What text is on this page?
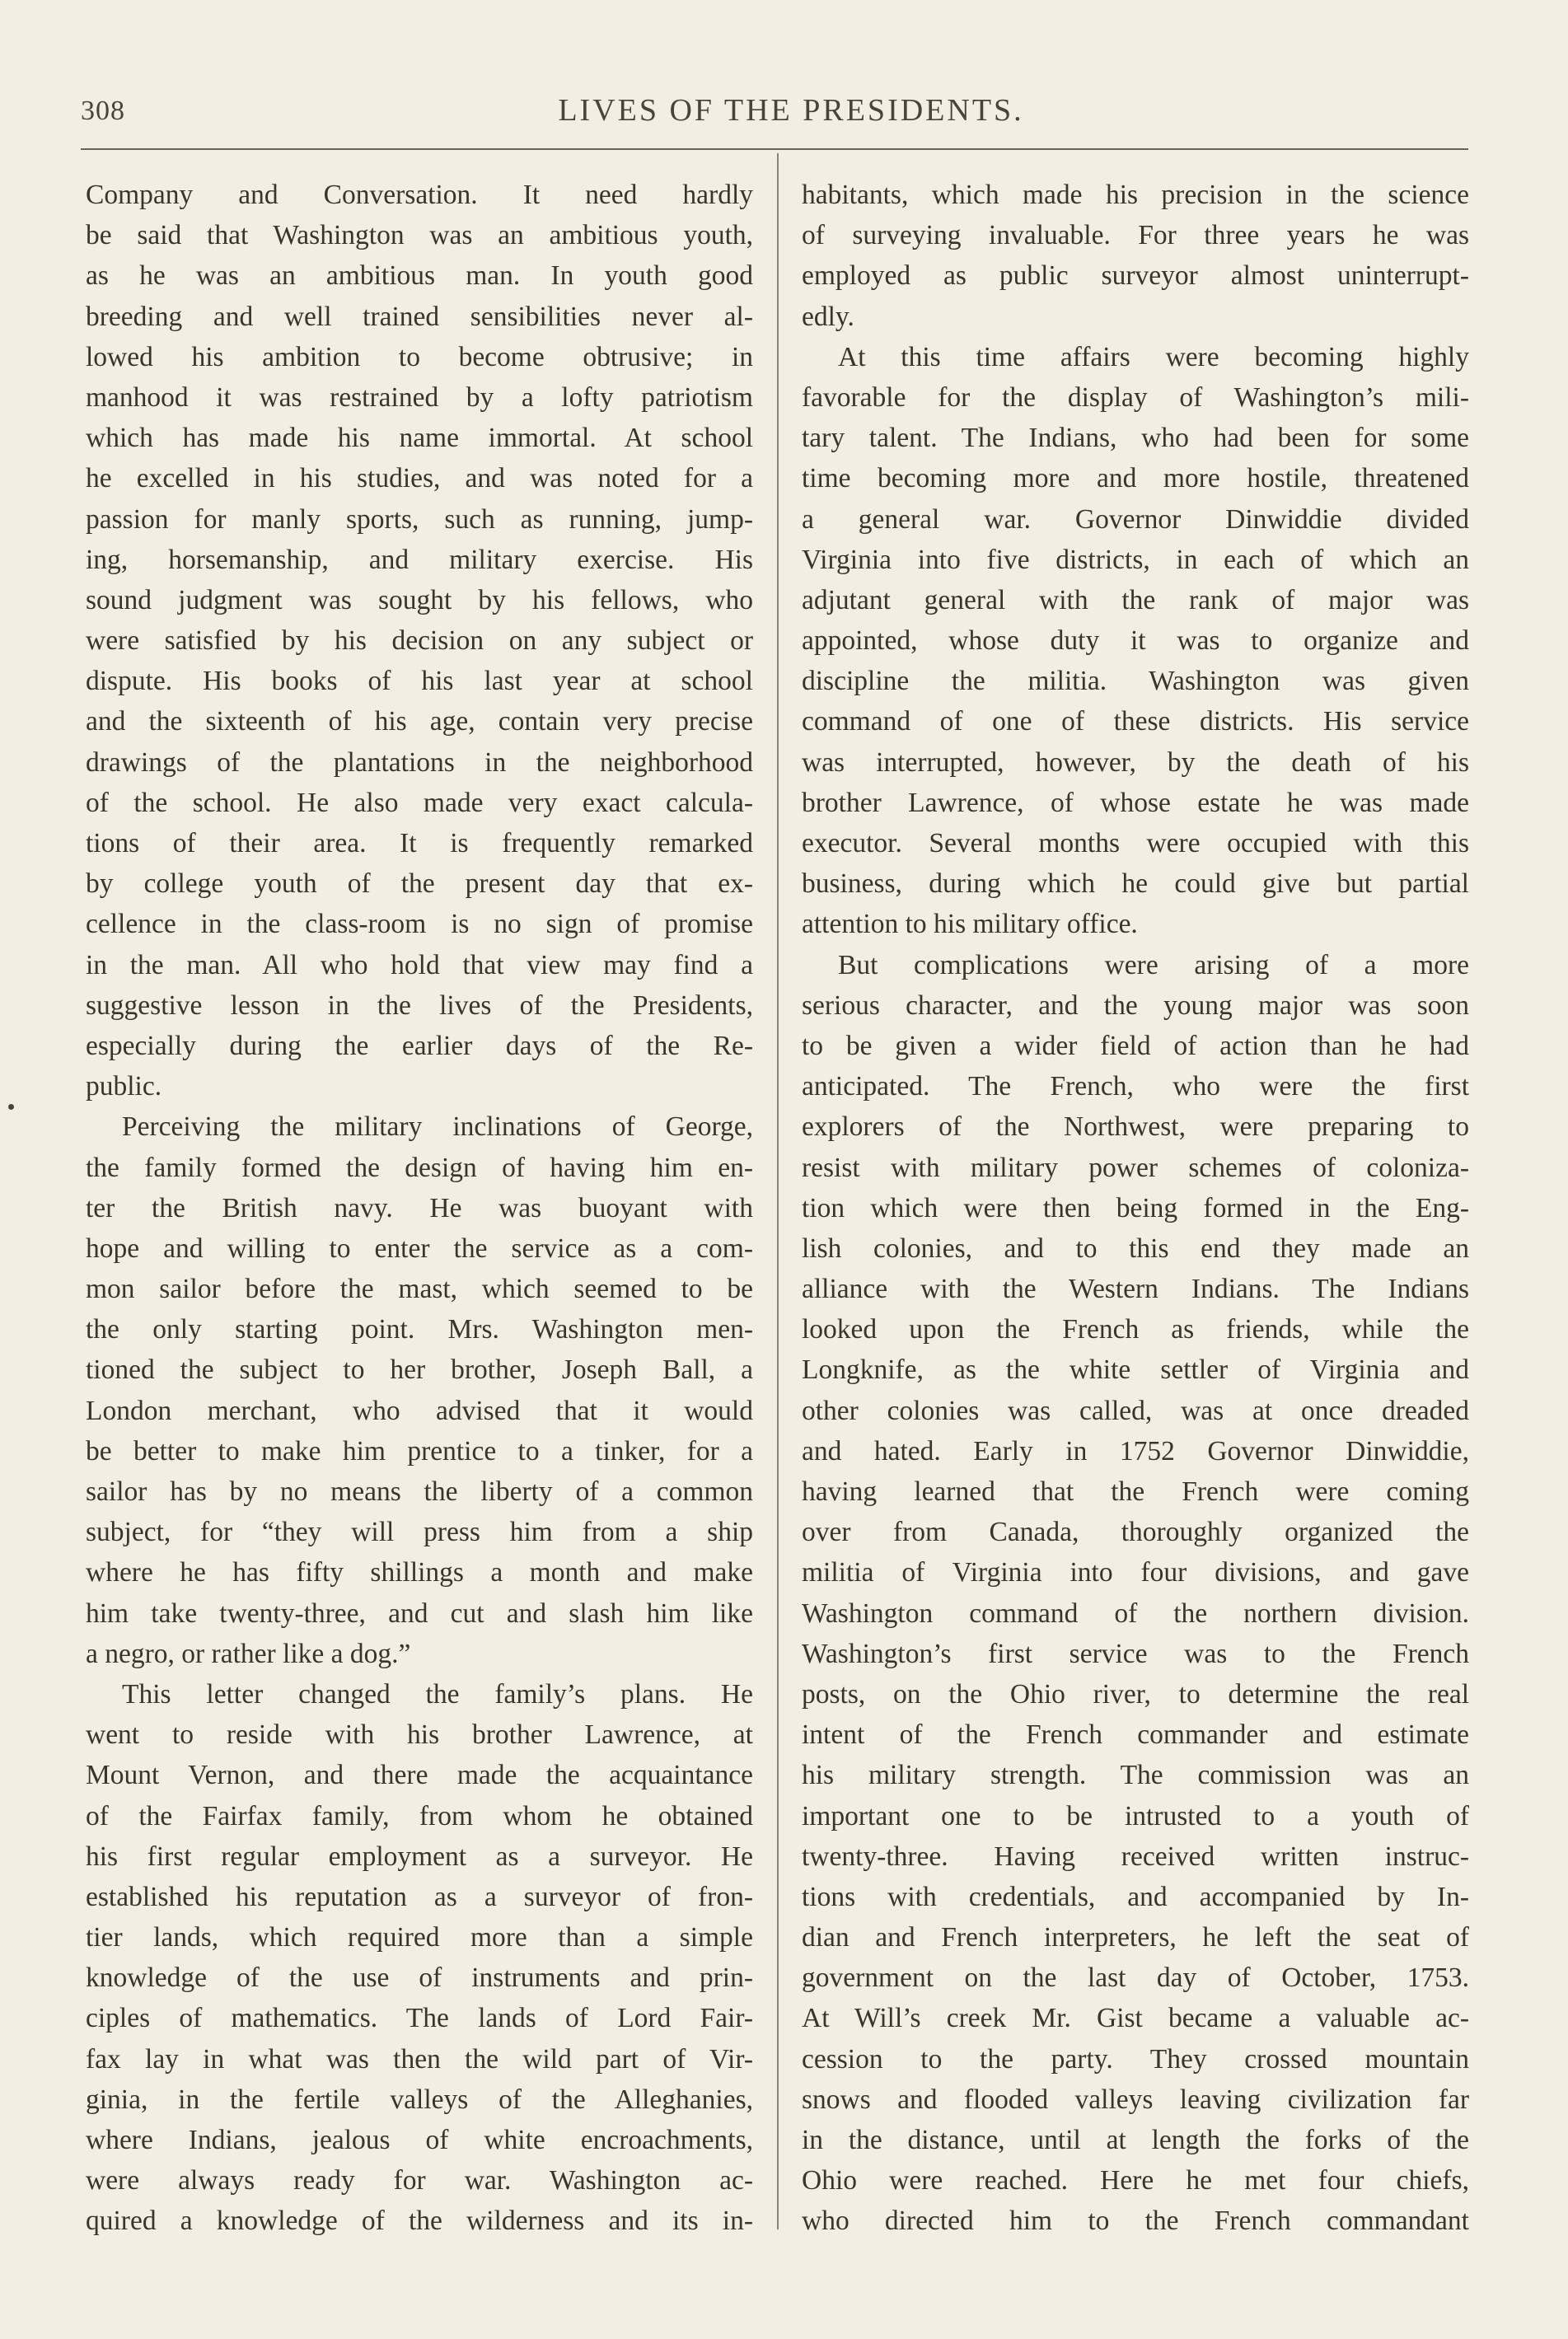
308	LIVES OF THE PRESIDENTS.
Company and Conversation. It need hardly
be said that Washington was an ambitious youth,
as he was an ambitious man. In youth good
breeding and well trained sensibilities never al-
lowed his ambition to become obtrusive; in
manhood it was restrained by a lofty patriotism
which has made his name immortal. At school
he excelled in his studies, and was noted for a
passion for manly sports, such as running, jump-
ing, horsemanship, and military exercise. His
sound judgment was sought by his fellows, who
were satisfied by his decision on any subject or
dispute. His books of his last year at school
and the sixteenth of his age, contain very precise
drawings of the plantations in the neighborhood
of the school. He also made very exact calcula-
tions of their area. It is frequently remarked
by college youth of the present day that ex-
cellence in the class-room is no sign of promise
in the man. All who hold that view may find a
suggestive lesson in the lives of the Presidents,
especially during the earlier days of the Re-
public.
Perceiving the military inclinations of George,
the family formed the design of having him en-
ter the British navy. He was buoyant with
hope and willing to enter the service as a com-
mon sailor before the mast, which seemed to be
the only starting point. Mrs. Washington men-
tioned the subject to her brother, Joseph Ball, a
London merchant, who advised that it would
be better to make him prentice to a tinker, for a
sailor has by no means the liberty of a common
subject, for “they will press him from a ship
where he has fifty shillings a month and make
him take twenty-three, and cut and slash him like
a negro, or rather like a dog.”
This letter changed the family’s plans. He
went to reside with his brother Lawrence, at
Mount Vernon, and there made the acquaintance
of the Fairfax family, from whom he obtained
his first regular employment as a surveyor. He
established his reputation as a surveyor of fron-
tier lands, which required more than a simple
knowledge of the use of instruments and prin-
ciples of mathematics. The lands of Lord Fair-
fax lay in what was then the wild part of Vir-
ginia, in the fertile valleys of the Alleghanies,
where Indians, jealous of white encroachments,
were always ready for war. Washington ac-
quired a knowledge of the wilderness and its in-
habitants, which made his precision in the science
of surveying invaluable. For three years he was
employed as public surveyor almost uninterrupt-
edly.
At this time affairs were becoming highly
favorable for the display of Washington’s mili-
tary talent. The Indians, who had been for some
time becoming more and more hostile, threatened
a general war. Governor Dinwiddie divided
Virginia into five districts, in each of which an
adjutant general with the rank of major was
appointed, whose duty it was to organize and
discipline the militia. Washington was given
command of one of these districts. His service
was interrupted, however, by the death of his
brother Lawrence, of whose estate he was made
executor. Several months were occupied with this
business, during which he could give but partial
attention to his military office.
But complications were arising of a more
serious character, and the young major was soon
to be given a wider field of action than he had
anticipated. The French, who were the first
explorers of the Northwest, were preparing to
resist with military power schemes of coloniza-
tion which were then being formed in the Eng-
lish colonies, and to this end they made an
alliance with the Western Indians. The Indians
looked upon the French as friends, while the
Longknife, as the white settler of Virginia and
other colonies was called, was at once dreaded
and hated. Early in 1752 Governor Dinwiddie,
having learned that the French were coming
over from Canada, thoroughly organized the
militia of Virginia into four divisions, and gave
Washington command of the northern division.
Washington’s first service was to the French
posts, on the Ohio river, to determine the real
intent of the French commander and estimate
his military strength. The commission was an
important one to be intrusted to a youth of
twenty-three. Having received written instruc-
tions with credentials, and accompanied by In-
dian and French interpreters, he left the seat of
government on the last day of October, 1753.
At Will’s creek Mr. Gist became a valuable ac-
cession to the party. They crossed mountain
snows and flooded valleys leaving civilization far
in the distance, until at length the forks of the
Ohio were reached. Here he met four chiefs,
who directed him to the French commandant
